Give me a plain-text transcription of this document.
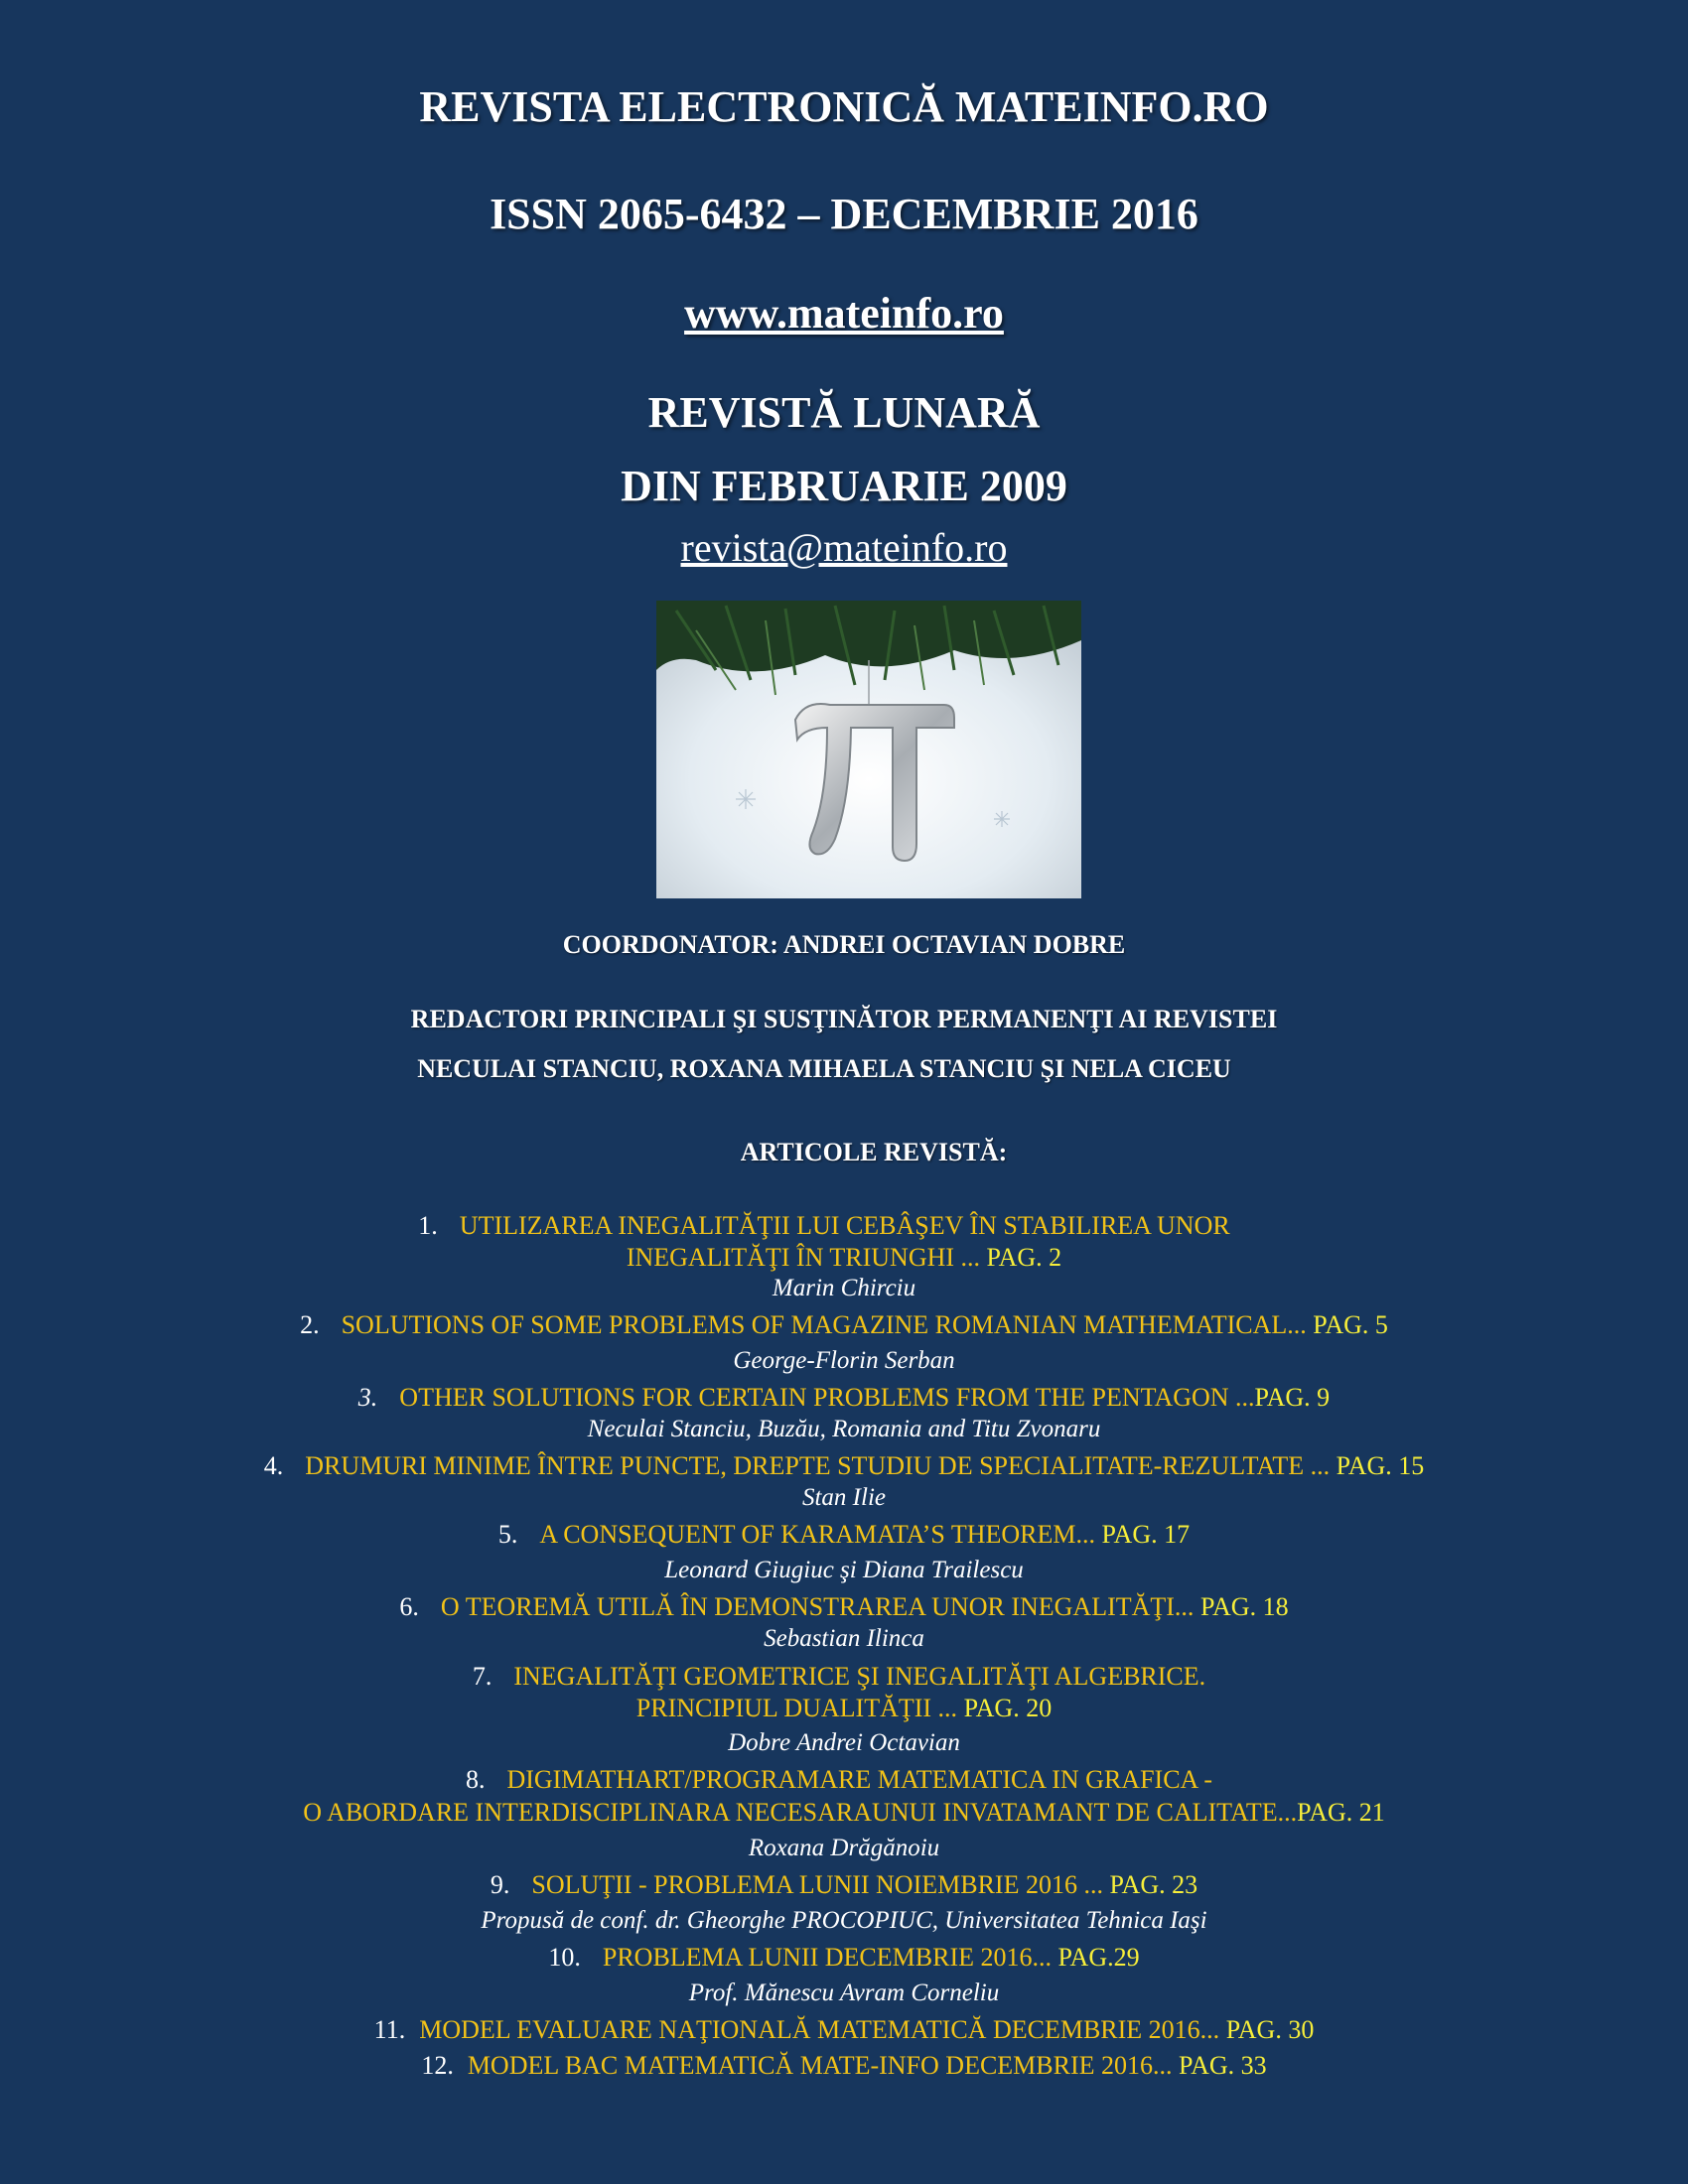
REVISTA ELECTRONICĂ MATEINFO.RO
ISSN 2065-6432 – DECEMBRIE 2016
www.mateinfo.ro
REVISTĂ LUNARĂ
DIN FEBRUARIE 2009
revista@mateinfo.ro
COORDONATOR: ANDREI OCTAVIAN DOBRE
REDACTORI PRINCIPALI ŞI SUSŢINĂTOR PERMANENŢI AI REVISTEI
NECULAI STANCIU, ROXANA MIHAELA STANCIU ŞI NELA CICEU
ARTICOLE REVISTĂ:
1. UTILIZAREA INEGALITĂŢII LUI CEBÂŞEV ÎN STABILIREA UNOR
INEGALITĂŢI ÎN TRIUNGHI ... PAG. 2
Marin Chirciu
2. SOLUTIONS OF SOME PROBLEMS OF MAGAZINE ROMANIAN MATHEMATICAL... PAG. 5
George-Florin Serban
3. OTHER SOLUTIONS FOR CERTAIN PROBLEMS FROM THE PENTAGON ...PAG. 9
Neculai Stanciu, Buzău, Romania and Titu Zvonaru
4. DRUMURI MINIME ÎNTRE PUNCTE, DREPTE STUDIU DE SPECIALITATE-REZULTATE ... PAG. 15
Stan Ilie
5. A CONSEQUENT OF KARAMATA’S THEOREM... PAG. 17
Leonard Giugiuc şi Diana Trailescu
6. O TEOREMĂ UTILĂ ÎN DEMONSTRAREA UNOR INEGALITĂŢI... PAG. 18
Sebastian Ilinca
7. INEGALITĂŢI GEOMETRICE ŞI INEGALITĂŢI ALGEBRICE.
PRINCIPIUL DUALITĂŢII ... PAG. 20
Dobre Andrei Octavian
8. DIGIMATHART/PROGRAMARE MATEMATICA IN GRAFICA -
O ABORDARE INTERDISCIPLINARA NECESARAUNUI INVATAMANT DE CALITATE...PAG. 21
Roxana Drăgănoiu
9. SOLUŢII - PROBLEMA LUNII NOIEMBRIE 2016 ... PAG. 23
Propusă de conf. dr. Gheorghe PROCOPIUC, Universitatea Tehnica Iaşi
10. PROBLEMA LUNII DECEMBRIE 2016... PAG.29
Prof. Mănescu Avram Corneliu
11. MODEL EVALUARE NAŢIONALĂ MATEMATICĂ DECEMBRIE 2016... PAG. 30
12. MODEL BAC MATEMATICĂ MATE-INFO DECEMBRIE 2016... PAG. 33
